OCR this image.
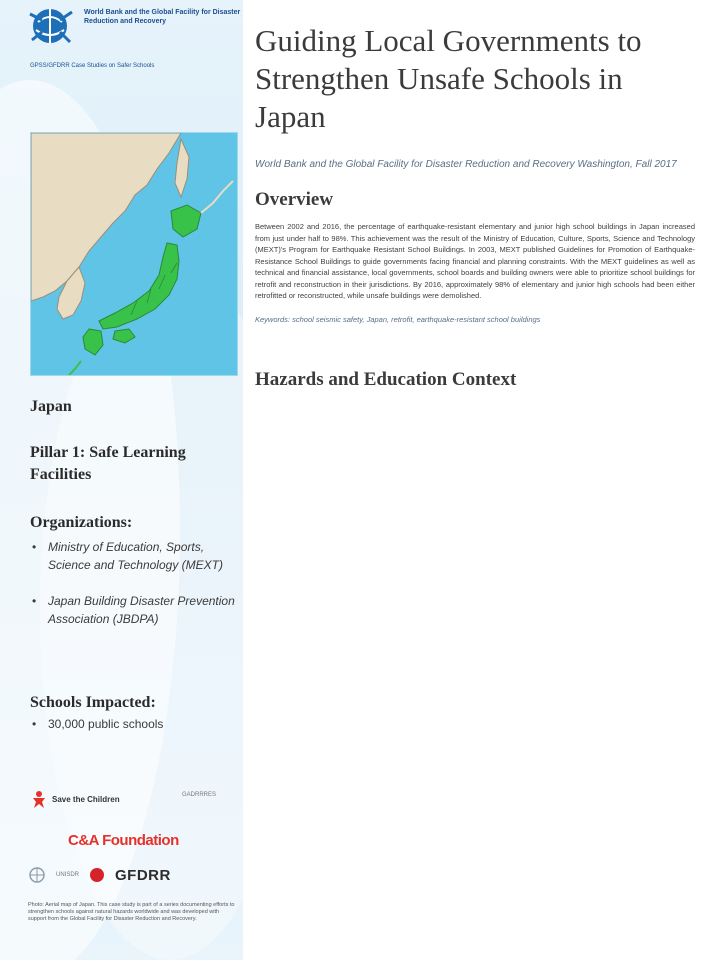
World Bank and the Global Facility for Disaster Reduction and Recovery
GPSS/GFDRR Case Studies on Safer Schools
Japan
Pillar 1: Safe Learning Facilities
Organizations:
• Ministry of Education, Sports, Science and Technology (MEXT)
• Japan Building Disaster Prevention Association (JBDPA)
Schools Impacted:
• 30,000 public schools
Save the Children	GADRRRES
C&A Foundation
UNISDR GFDRR
Photo: Aerial map of Japan. This case study is part of a series documenting efforts to strengthen schools against natural hazards worldwide and was developed with support from the Global Facility for Disaster Reduction and Recovery.
Guiding Local Governments to Strengthen Unsafe Schools in Japan
World Bank and the Global Facility for Disaster Reduction and Recovery Washington, Fall 2017
Overview

Between 2002 and 2016, the percentage of earthquake-resistant elementary and junior high school buildings in Japan increased from just under half to 98%. This achievement was the result of the Ministry of Education, Culture, Sports, Science and Technology (MEXT)'s Program for Earthquake Resistant School Buildings. In 2003, MEXT published Guidelines for Promotion of Earthquake-Resistance School Buildings to guide governments facing financial and planning constraints. With the MEXT guidelines as well as technical and financial assistance, local governments, school boards and building owners were able to prioritize school buildings for retrofit and reconstruction in their jurisdictions. By 2016, approximately 98% of elementary and junior high schools had been either retrofitted or reconstructed, while unsafe buildings were demolished.

Keywords: school seismic safety, Japan, retrofit, earthquake-resistant school buildings

Hazards and Education Context
